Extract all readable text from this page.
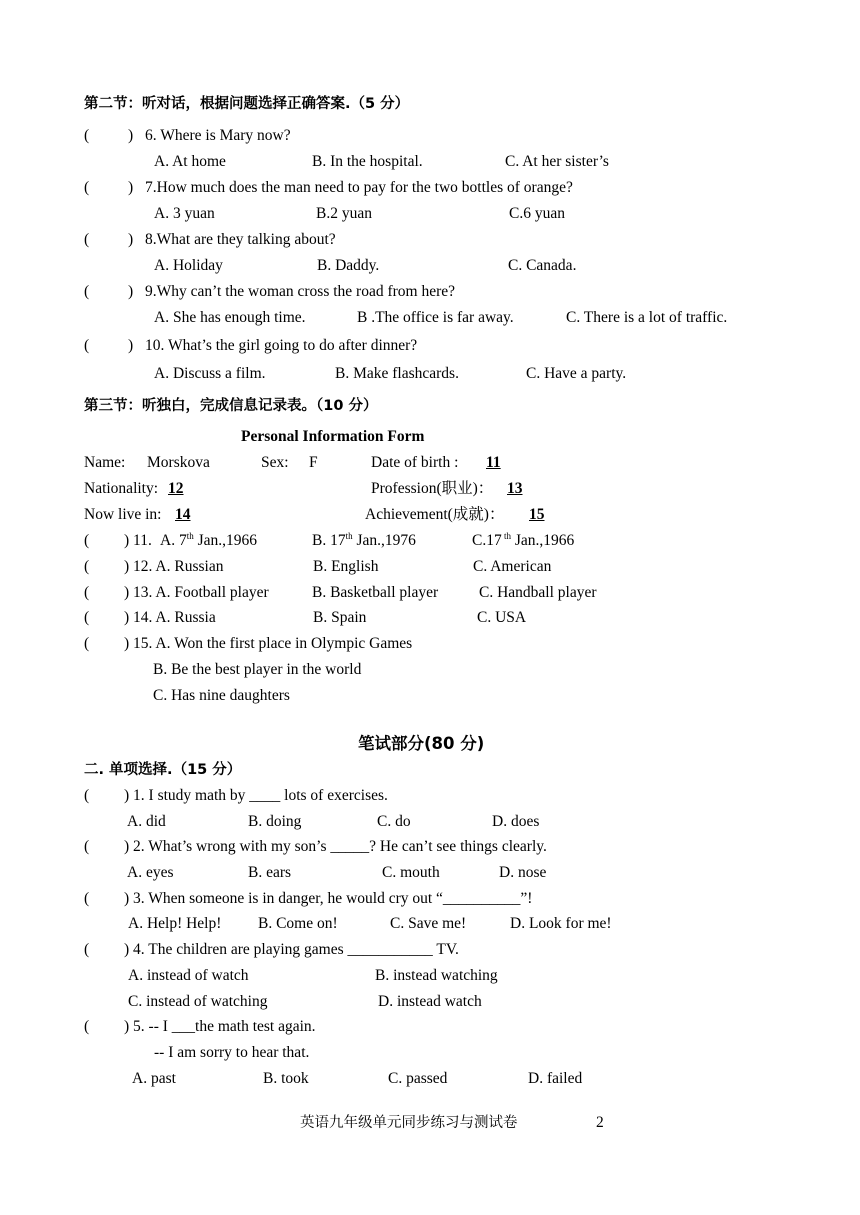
第二节：听对话，根据问题选择正确答案.（5 分）
(	) 6. Where is Mary now?
A. At home	B. In the hospital.	C. At her sister’s
(	) 7.How much does the man need to pay for the two bottles of orange?
A. 3 yuan	B.2 yuan	C.6 yuan
(	) 8.What are they talking about?
A. Holiday	B. Daddy.	C. Canada.
(	) 9.Why can’t the woman cross the road from here?
A. She has enough time.	B .The office is far away.	C. There is a lot of traffic.
(	) 10. What’s the girl going to do after dinner?
A. Discuss a film.	B. Make flashcards.	C. Have a party.
第三节：听独白，完成信息记录表。（10 分）
Personal Information Form
Name: Morskova	Sex: F	Date of birth : 11
Nationality: 12	Profession(职业)： 13
Now live in: 14	Achievement(成就)： 15
( ) 11. A. 7th Jan.,1966	B. 17th Jan.,1976	C.17 $^{th}$ Jan.,1966
( ) 12. A. Russian	B. English	C. American
( ) 13. A. Football player	B. Basketball player	C. Handball player
( ) 14. A. Russia	B. Spain	C. USA
( ) 15. A. Won the first place in Olympic Games
B. Be the best player in the world
C. Has nine daughters
笔试部分(80 分)
二. 单项选择.（15 分）
( ) 1. I study math by ____ lots of exercises.
A. did	B. doing	C. do	D. does
( ) 2. What’s wrong with my son’s _____? He can’t see things clearly.
A. eyes	B. ears	C. mouth	D. nose
( ) 3. When someone is in danger, he would cry out “__________”!
A. Help! Help! B. Come on!	C. Save me!	D. Look for me!
( ) 4. The children are playing games ___________ TV.
A. instead of watch	B. instead watching
C. instead of watching	D. instead watch
( ) 5. -- I ___the math test again.
-- I am sorry to hear that.
A. past	B. took	C. passed	D. failed
英语九年级单元同步练习与测试卷	2
